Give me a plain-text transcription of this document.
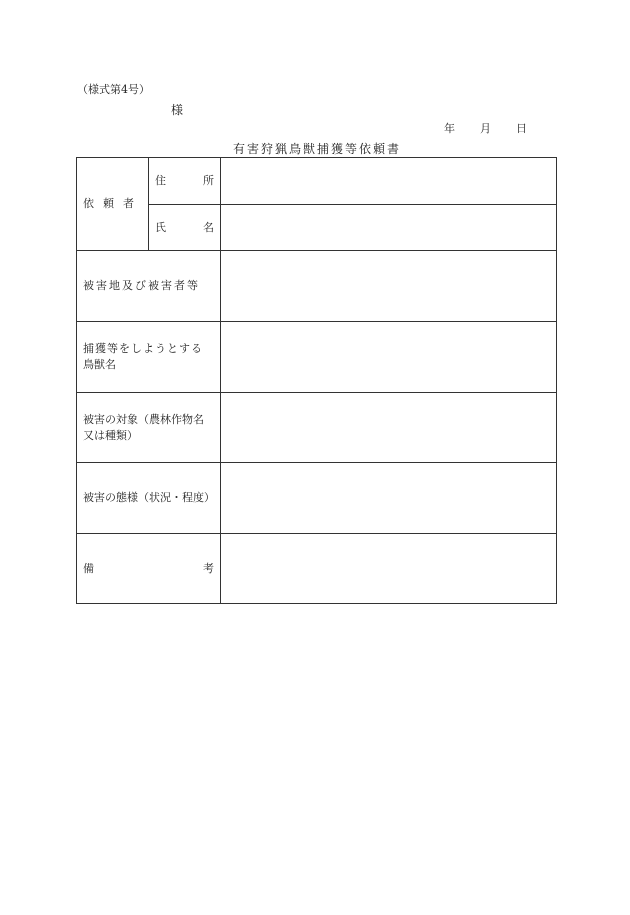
（様式第4号）
様
年 月 日
有害狩猟鳥獣捕獲等依頼書
依頼者	住 所	

	氏 名	

被害地及び被害者等		

捕獲等をしようとする
鳥獣名		

被害の対象（農林作物名
又は種類）		

被害の態様（状況・程度）		

備 考		
